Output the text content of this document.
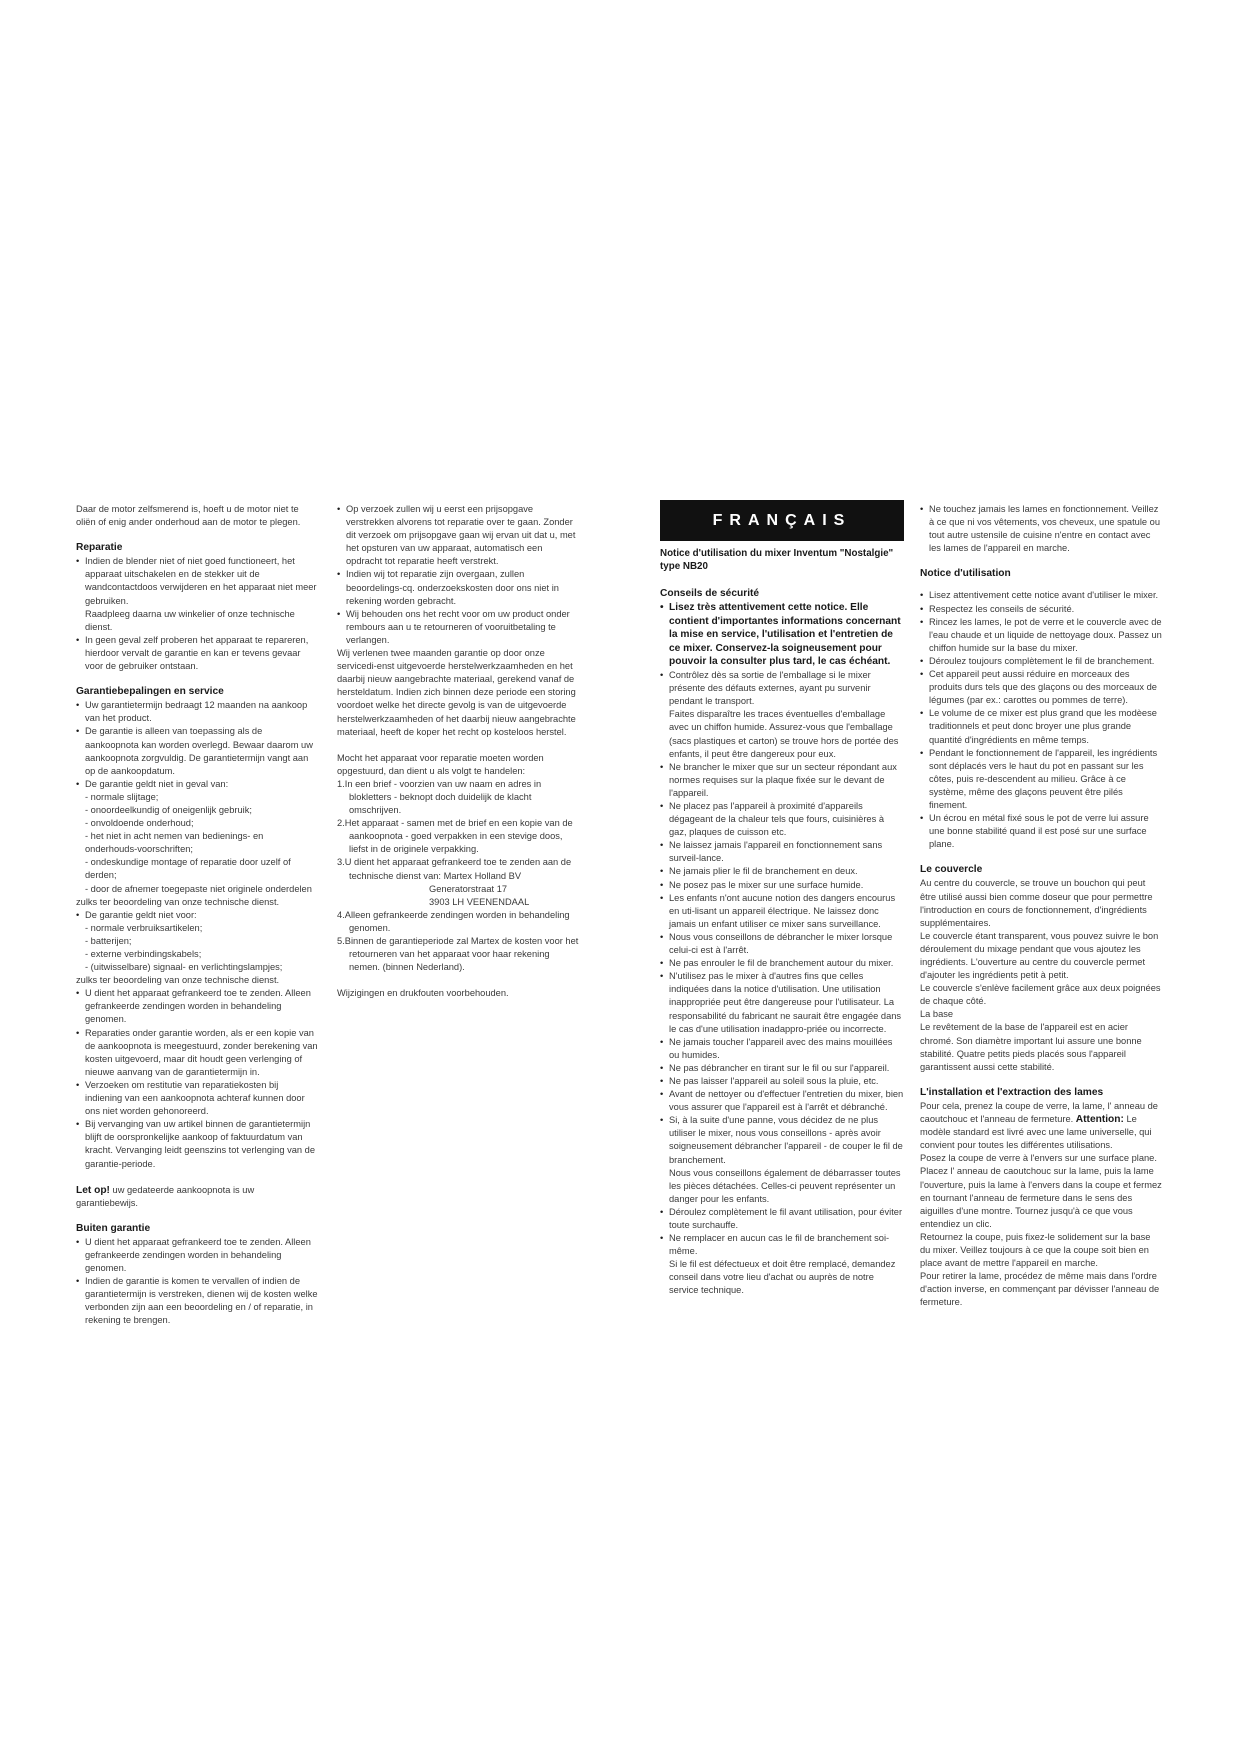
Daar de motor zelfsmerend is, hoeft u de motor niet te oliën of enig ander onderhoud aan de motor te plegen.

Reparatie
• Indien de blender niet of niet goed functioneert, het apparaat uitschakelen en de stekker uit de wandcontactdoos verwijderen en het apparaat niet meer gebruiken.
Raadpleeg daarna uw winkelier of onze technische dienst.
• In geen geval zelf proberen het apparaat te repareren, hierdoor vervalt de garantie en kan er tevens gevaar voor de gebruiker ontstaan.
Garantiebepalingen en service
• Uw garantietermijn bedraagt 12 maanden na aankoop van het product.
• De garantie is alleen van toepassing als de aankoopnota kan worden overlegd. Bewaar daarom uw aankoopnota zorgvuldig. De garantietermijn vangt aan op de aankoopdatum.
• De garantie geldt niet in geval van:
- normale slijtage;
- onoordeelkundig of oneigenlijk gebruik;
- onvoldoende onderhoud;
- het niet in acht nemen van bedienings- en onderhouds-voorschriften;
- ondeskundige montage of reparatie door uzelf of derden;
- door de afnemer toegepaste niet originele onderdelen

zulks ter beoordeling van onze technische dienst.

• De garantie geldt niet voor:
- normale verbruiksartikelen;
- batterijen;
- externe verbindingskabels;
- (uitwisselbare) signaal- en verlichtingslampjes;

zulks ter beoordeling van onze technische dienst.

• U dient het apparaat gefrankeerd toe te zenden. Alleen gefrankeerde zendingen worden in behandeling genomen.
• Reparaties onder garantie worden, als er een kopie van de aankoopnota is meegestuurd, zonder berekening van kosten uitgevoerd, maar dit houdt geen verlenging of nieuwe aanvang van de garantietermijn in.
• Verzoeken om restitutie van reparatiekosten bij indiening van een aankoopnota achteraf kunnen door ons niet worden gehonoreerd.
• Bij vervanging van uw artikel binnen de garantietermijn blijft de oorspronkelijke aankoop of faktuurdatum van kracht. Vervanging leidt geenszins tot verlenging van de garantie-periode.

Let op! uw gedateerde aankoopnota is uw garantiebewijs.

Buiten garantie
• U dient het apparaat gefrankeerd toe te zenden. Alleen gefrankeerde zendingen worden in behandeling genomen.
• Indien de garantie is komen te vervallen of indien de garantietermijn is verstreken, dienen wij de kosten welke verbonden zijn aan een beoordeling en / of reparatie, in rekening te brengen.
• Op verzoek zullen wij u eerst een prijsopgave verstrekken alvorens tot reparatie over te gaan. Zonder dit verzoek om prijsopgave gaan wij ervan uit dat u, met het opsturen van uw apparaat, automatisch een opdracht tot reparatie heeft verstrekt.
• Indien wij tot reparatie zijn overgaan, zullen beoordelings-cq. onderzoekskosten door ons niet in rekening worden gebracht.
• Wij behouden ons het recht voor om uw product onder rembours aan u te retourneren of vooruitbetaling te verlangen.

Wij verlenen twee maanden garantie op door onze servicedi-enst uitgevoerde herstelwerkzaamheden en het daarbij nieuw aangebrachte materiaal, gerekend vanaf de hersteldatum. Indien zich binnen deze periode een storing voordoet welke het directe gevolg is van de uitgevoerde herstelwerkzaamheden of het daarbij nieuw aangebrachte materiaal, heeft de koper het recht op kosteloos herstel.

Mocht het apparaat voor reparatie moeten worden opgestuurd, dan dient u als volgt te handelen:

1.In een brief - voorzien van uw naam en adres in blokletters - beknopt doch duidelijk de klacht omschrijven.

2.Het apparaat - samen met de brief en een kopie van de aankoopnota - goed verpakken in een stevige doos, liefst in de originele verpakking.

3.U dient het apparaat gefrankeerd toe te zenden aan de technische dienst van: Martex Holland BV

Generatorstraat 17

3903 LH VEENENDAAL

4.Alleen gefrankeerde zendingen worden in behandeling genomen.

5.Binnen de garantieperiode zal Martex de kosten voor het retourneren van het apparaat voor haar rekening nemen. (binnen Nederland).

Wijzigingen en drukfouten voorbehouden.

FRANÇAIS
Notice d'utilisation du mixer Inventum "Nostalgie" type NB20
Conseils de sécurité
• Lisez très attentivement cette notice. Elle
contient d'importantes informations concernant la mise en service, l'utilisation et l'entretien de ce mixer. Conservez-la soigneusement pour pouvoir la consulter plus tard, le cas échéant.
• Contrôlez dès sa sortie de l'emballage si le mixer présente des défauts externes, ayant pu survenir pendant le transport.
Faites disparaître les traces éventuelles d'emballage avec un chiffon humide. Assurez-vous que l'emballage (sacs plastiques et carton) se trouve hors de portée des enfants, il peut être dangereux pour eux.
• Ne brancher le mixer que sur un secteur répondant aux normes requises sur la plaque fixée sur le devant de l'appareil.
• Ne placez pas l'appareil à proximité d'appareils dégageant de la chaleur tels que fours, cuisinières à gaz, plaques de cuisson etc.
• Ne laissez jamais l'appareil en fonctionnement sans surveil-lance.
• Ne jamais plier le fil de branchement en deux.
• Ne posez pas le mixer sur une surface humide.
• Les enfants n'ont aucune notion des dangers encourus en uti-lisant un appareil électrique. Ne laissez donc jamais un enfant utiliser ce mixer sans surveillance.
• Nous vous conseillons de débrancher le mixer lorsque celui-ci est à l'arrêt.
• Ne pas enrouler le fil de branchement autour du mixer.
• N'utilisez pas le mixer à d'autres fins que celles indiquées dans la notice d'utilisation. Une utilisation inappropriée peut être dangereuse pour l'utilisateur. La responsabilité du fabricant ne saurait être engagée dans le cas d'une utilisation inadappro-priée ou incorrecte.
• Ne jamais toucher l'appareil avec des mains mouillées ou humides.
• Ne pas débrancher en tirant sur le fil ou sur l'appareil.
• Ne pas laisser l'appareil au soleil sous la pluie, etc.
• Avant de nettoyer ou d'effectuer l'entretien du mixer, bien vous assurer que l'appareil est à l'arrêt et débranché.
• Si, à la suite d'une panne, vous décidez de ne plus utiliser le mixer, nous vous conseillons - après avoir soigneusement débrancher l'appareil - de couper le fil de branchement.
Nous vous conseillons également de débarrasser toutes les pièces détachées. Celles-ci peuvent représenter un danger pour les enfants.
• Déroulez complètement le fil avant utilisation, pour éviter toute surchauffe.
• Ne remplacer en aucun cas le fil de branchement soi-même.
Si le fil est défectueux et doit être remplacé, demandez conseil dans votre lieu d'achat ou auprès de notre service technique.
• Ne touchez jamais les lames en fonctionnement. Veillez à ce que ni vos vêtements, vos cheveux, une spatule ou tout autre ustensile de cuisine n'entre en contact avec les lames de l'appareil en marche.
Notice d'utilisation
• Lisez attentivement cette notice avant d'utiliser le mixer.
• Respectez les conseils de sécurité.
• Rincez les lames, le pot de verre et le couvercle avec de l'eau chaude et un liquide de nettoyage doux. Passez un chiffon humide sur la base du mixer.
• Déroulez toujours complètement le fil de branchement.
• Cet appareil peut aussi réduire en morceaux des produits durs tels que des glaçons ou des morceaux de légumes (par ex.: carottes ou pommes de terre).
• Le volume de ce mixer est plus grand que les modèese traditionnels et peut donc broyer une plus grande quantité d'ingrédients en même temps.
• Pendant le fonctionnement de l'appareil, les ingrédients sont déplacés vers le haut du pot en passant sur les côtes, puis re-descendent au milieu. Grâce à ce système, même des glaçons peuvent être pilés finement.
• Un écrou en métal fixé sous le pot de verre lui assure une bonne stabilité quand il est posé sur une surface plane.
Le couvercle

Au centre du couvercle, se trouve un bouchon qui peut être utilisé aussi bien comme doseur que pour permettre l'introduction en cours de fonctionnement, d'ingrédients supplémentaires.

Le couvercle étant transparent, vous pouvez suivre le bon déroulement du mixage pendant que vous ajoutez les ingrédients. L'ouverture au centre du couvercle permet d'ajouter les ingrédients petit à petit.

Le couvercle s'enlève facilement grâce aux deux poignées de chaque côté.

La base

Le revêtement de la base de l'appareil est en acier chromé. Son diamètre important lui assure une bonne stabilité. Quatre petits pieds placés sous l'appareil garantissent aussi cette stabilité.

L'installation et l'extraction des lames

Pour cela, prenez la coupe de verre, la lame, l' anneau de caoutchouc et l'anneau de fermeture. Attention: Le modèle standard est livré avec une lame universelle, qui convient pour toutes les différentes utilisations.

Posez la coupe de verre à l'envers sur une surface plane. Placez l' anneau de caoutchouc sur la lame, puis la lame l'ouverture, puis la lame à l'envers dans la coupe et fermez en tournant l'anneau de fermeture dans le sens des aiguilles d'une montre. Tournez jusqu'à ce que vous entendiez un clic.

Retournez la coupe, puis fixez-le solidement sur la base du mixer. Veillez toujours à ce que la coupe soit bien en place avant de mettre l'appareil en marche.

Pour retirer la lame, procédez de même mais dans l'ordre d'action inverse, en commençant par dévisser l'anneau de fermeture.
